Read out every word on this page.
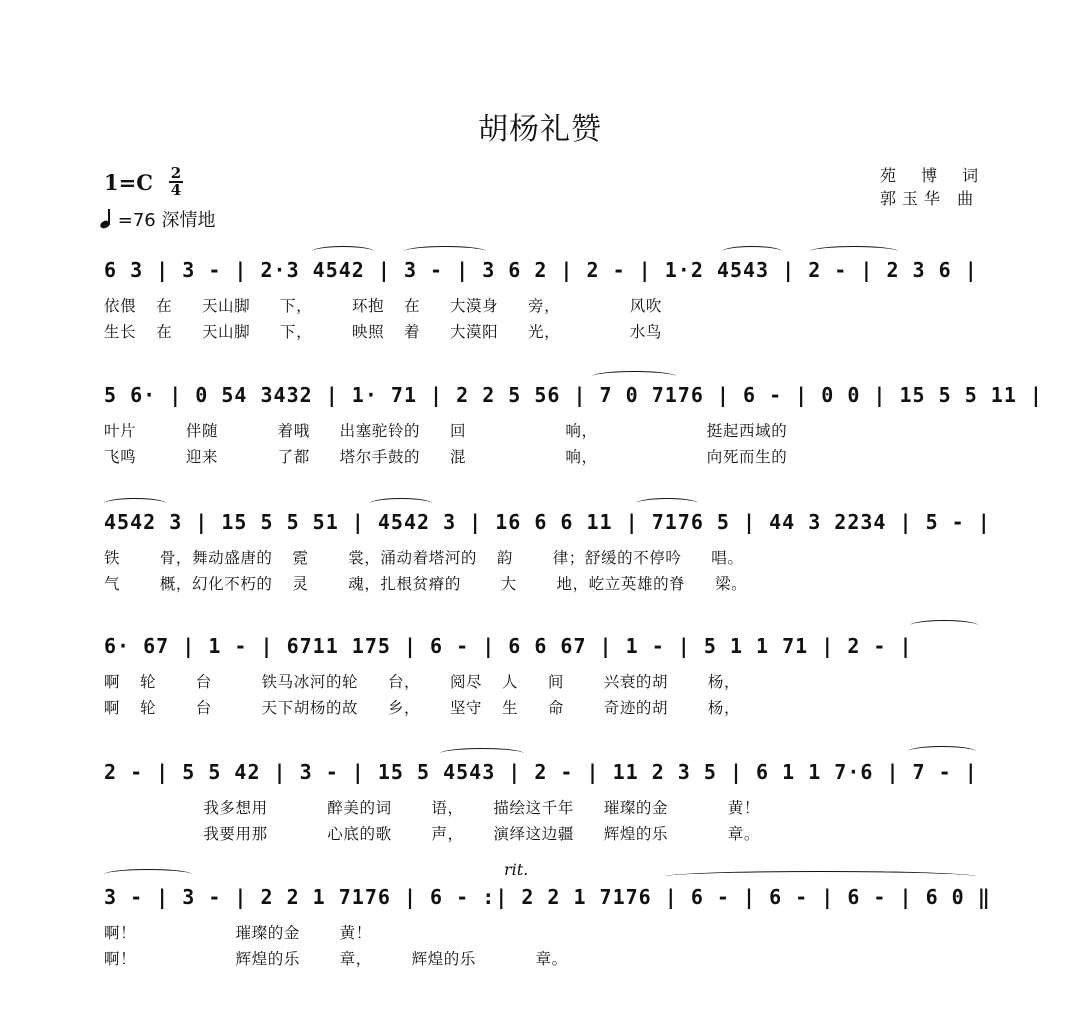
胡杨礼赞
1=C 2
4
=76 深情地
苑 博 词
郭玉华 曲
6 3 | 3 - | 2·3 4542 | 3 - | 3 6 2 | 2 - | 1·2 4543 | 2 - | 2 3 6 |
依偎  在   天山脚   下，    环抱  在   大漠身   旁，       风吹
生长  在   天山脚   下，    映照  着   大漠阳   光，       水鸟
5 6· | 0 54 3432 | 1· 71 | 2 2 5 56 | 7 0 7176 | 6 - | 0 0 | 15 5 5 11 |
叶片     伴随      着哦   出塞驼铃的   回          响，           挺起西域的
飞鸣     迎来      了都   塔尔手鼓的   混          响，           向死而生的
4542 3 | 15 5 5 51 | 4542 3 | 16 6 6 11 | 7176 5 | 44 3 2234 | 5 - |
铁    骨，舞动盛唐的  霓    裳，涌动着塔河的  韵    律；舒缓的不停吟   唱。
气    概，幻化不朽的  灵    魂，扎根贫瘠的    大    地，屹立英雄的脊   梁。
6· 67 | 1 - | 6711 175 | 6 - | 6 6 67 | 1 - | 5 1 1 71 | 2 - |
啊  轮    台     铁马冰河的轮   台，   阅尽  人   间    兴衰的胡    杨，
啊  轮    台     天下胡杨的故   乡，   坚守  生   命    奇迹的胡    杨，
2 - | 5 5 42 | 3 - | 15 5 4543 | 2 - | 11 2 3 5 | 6 1 1 7·6 | 7 - |
我多想用      醉美的词    语，   描绘这千年   璀璨的金      黄！
我要用那      心底的歌    声，   演绎这边疆   辉煌的乐      章。
rit.
3 - | 3 - | 2 2 1 7176 | 6 - :| 2 2 1 7176 | 6 - | 6 - | 6 - | 6 0 ‖
啊！          璀璨的金    黄！
啊！          辉煌的乐    章，    辉煌的乐      章。
